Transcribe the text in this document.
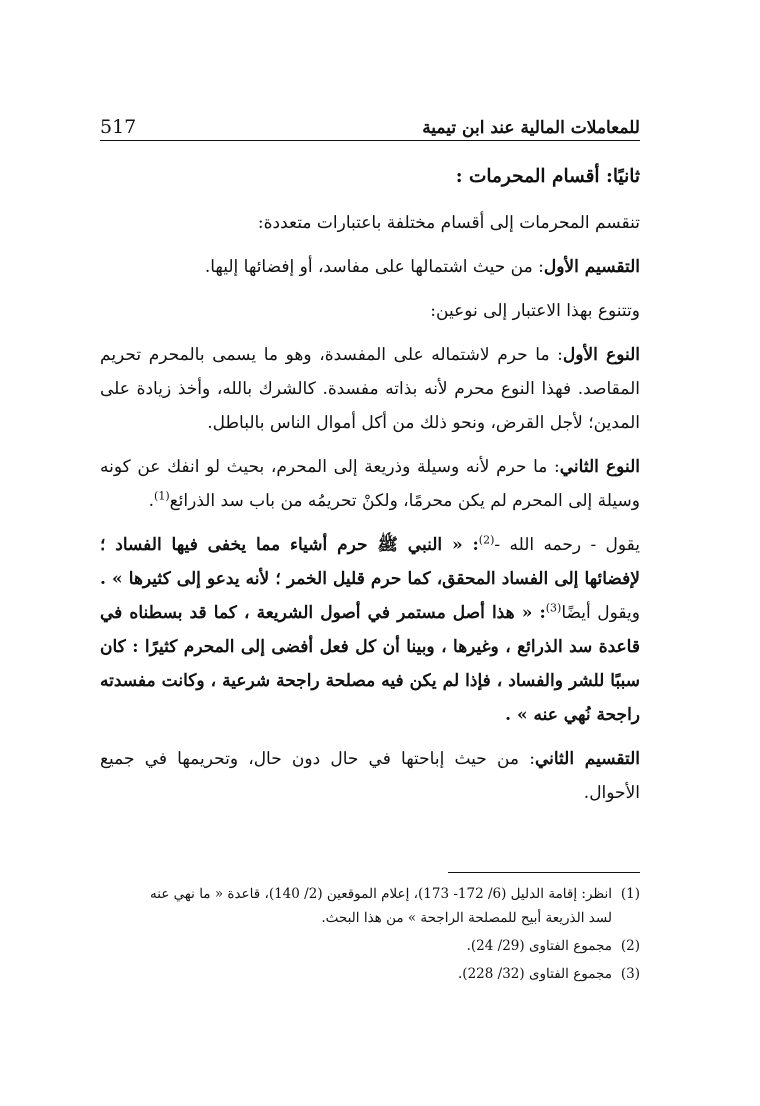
517	للمعاملات المالية عند ابن تيمية

ثانيًا: أقسام المحرمات :

تنقسم المحرمات إلى أقسام مختلفة باعتبارات متعددة:

التقسيم الأول: من حيث اشتمالها على مفاسد، أو إفضائها إليها.

وتتنوع بهذا الاعتبار إلى نوعين:

النوع الأول: ما حرم لاشتماله على المفسدة، وهو ما يسمى بالمحرم تحريم المقاصد. فهذا النوع محرم لأنه بذاته مفسدة. كالشرك بالله، وأخذ زيادة على المدين؛ لأجل القرض، ونحو ذلك من أكل أموال الناس بالباطل.

النوع الثاني: ما حرم لأنه وسيلة وذريعة إلى المحرم، بحيث لو انفك عن كونه وسيلة إلى المحرم لم يكن محرمًا، ولكنْ تحريمُه من باب سد الذرائع$^{(1)}$.

يقول - رحمه الله -$^{(2)}$: « النبي ﷺ حرم أشياء مما يخفى فيها الفساد ؛ لإفضائها إلى الفساد المحقق، كما حرم قليل الخمر ؛ لأنه يدعو إلى كثيرها » . ويقول أيضًا$^{(3)}$: « هذا أصل مستمر في أصول الشريعة ، كما قد بسطناه في قاعدة سد الذرائع ، وغيرها ، وبينا أن كل فعل أفضى إلى المحرم كثيرًا : كان سببًا للشر والفساد ، فإذا لم يكن فيه مصلحة راجحة شرعية ، وكانت مفسدته راجحة نُهي عنه » .

التقسيم الثاني: من حيث إباحتها في حال دون حال، وتحريمها في جميع الأحوال.

(1)انظر: إقامة الدليل (6/ 172- 173)، إعلام الموقعين (2/ 140)، قاعدة « ما نهي عنه
لسد الذريعة أبيح للمصلحة الراجحة » من هذا البحث.
(2)مجموع الفتاوى (29/ 24).
(3)مجموع الفتاوى (32/ 228).
